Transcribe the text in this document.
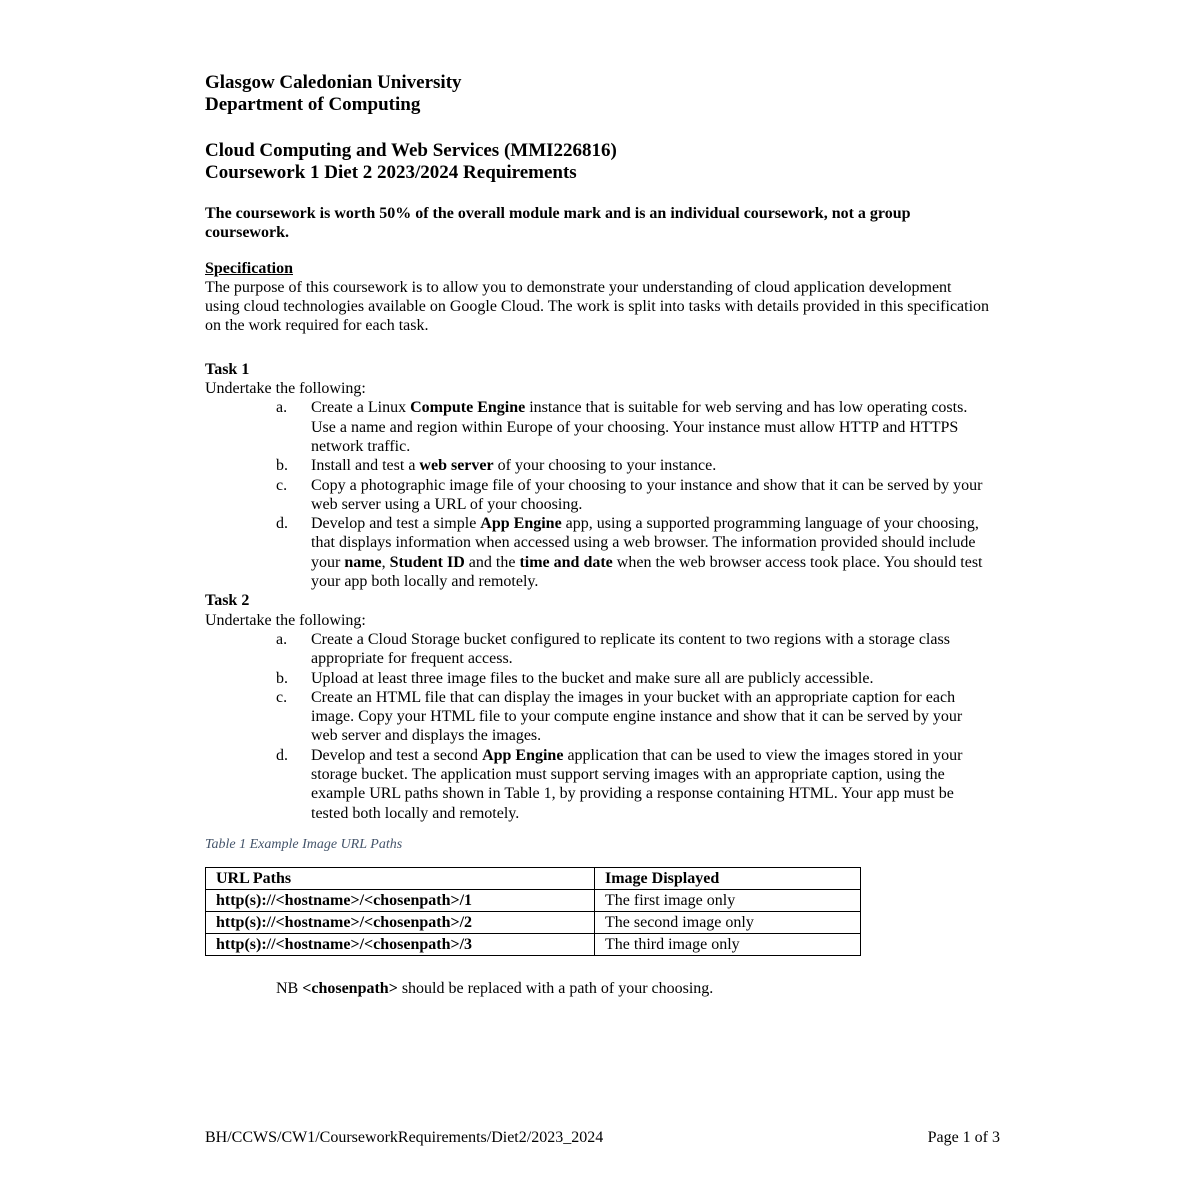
Glasgow Caledonian University
Department of Computing
Cloud Computing and Web Services (MMI226816)
Coursework 1 Diet 2 2023/2024 Requirements
The coursework is worth 50% of the overall module mark and is an individual coursework, not a group coursework.
Specification
The purpose of this coursework is to allow you to demonstrate your understanding of cloud application development using cloud technologies available on Google Cloud. The work is split into tasks with details provided in this specification on the work required for each task.
Task 1
Undertake the following:
a. Create a Linux Compute Engine instance that is suitable for web serving and has low operating costs. Use a name and region within Europe of your choosing. Your instance must allow HTTP and HTTPS network traffic.
b. Install and test a web server of your choosing to your instance.
c. Copy a photographic image file of your choosing to your instance and show that it can be served by your web server using a URL of your choosing.
d. Develop and test a simple App Engine app, using a supported programming language of your choosing, that displays information when accessed using a web browser. The information provided should include your name, Student ID and the time and date when the web browser access took place. You should test your app both locally and remotely.
Task 2
Undertake the following:
a. Create a Cloud Storage bucket configured to replicate its content to two regions with a storage class appropriate for frequent access.
b. Upload at least three image files to the bucket and make sure all are publicly accessible.
c. Create an HTML file that can display the images in your bucket with an appropriate caption for each image. Copy your HTML file to your compute engine instance and show that it can be served by your web server and displays the images.
d. Develop and test a second App Engine application that can be used to view the images stored in your storage bucket. The application must support serving images with an appropriate caption, using the example URL paths shown in Table 1, by providing a response containing HTML. Your app must be tested both locally and remotely.
Table 1 Example Image URL Paths
URL Paths	Image Displayed
http(s)://<hostname>/<chosenpath>/1	The first image only
http(s)://<hostname>/<chosenpath>/2	The second image only
http(s)://<hostname>/<chosenpath>/3	The third image only
NB <chosenpath> should be replaced with a path of your choosing.
BH/CCWS/CW1/CourseworkRequirements/Diet2/2023_2024	Page 1 of 3
